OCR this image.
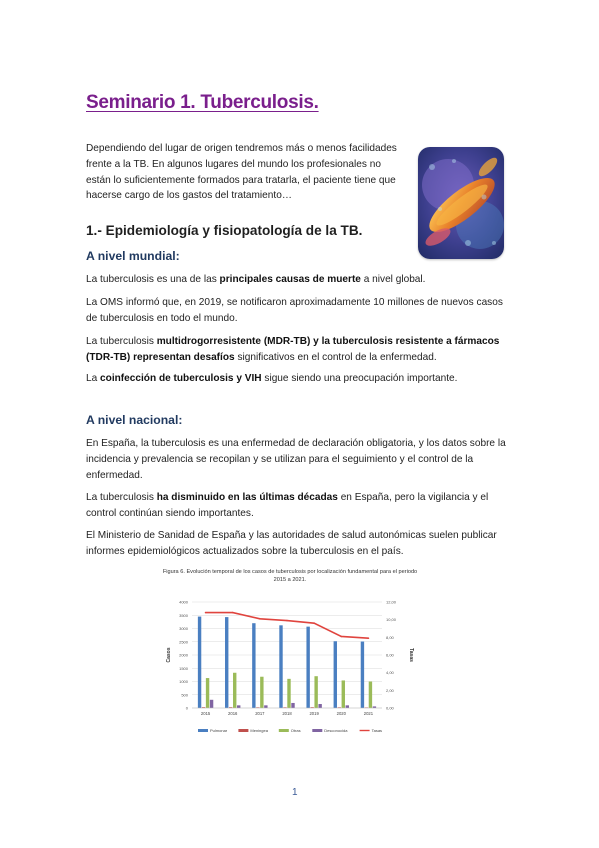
Seminario 1. Tuberculosis.
Dependiendo del lugar de origen tendremos más o menos facilidades frente a la TB. En algunos lugares del mundo los profesionales no están lo suficientemente formados para tratarla, el paciente tiene que hacerse cargo de los gastos del tratamiento…
1.- Epidemiología y fisiopatología de la TB.
A nivel mundial:
La tuberculosis es una de las principales causas de muerte a nivel global.
La OMS informó que, en 2019, se notificaron aproximadamente 10 millones de nuevos casos de tuberculosis en todo el mundo.
La tuberculosis multidrogorresistente (MDR-TB) y la tuberculosis resistente a fármacos (TDR-TB) representan desafíos significativos en el control de la enfermedad.
La coinfección de tuberculosis y VIH sigue siendo una preocupación importante.
A nivel nacional:
En España, la tuberculosis es una enfermedad de declaración obligatoria, y los datos sobre la incidencia y prevalencia se recopilan y se utilizan para el seguimiento y el control de la enfermedad.
La tuberculosis ha disminuido en las últimas décadas en España, pero la vigilancia y el control continúan siendo importantes.
El Ministerio de Sanidad de España y las autoridades de salud autonómicas suelen publicar informes epidemiológicos actualizados sobre la tuberculosis en el país.
Figura 6. Evolución temporal de los casos de tuberculosis por localización fundamental para el periodo 2015 a 2021.
0
500
1000
1500
2000
2500
3000
3500
4000
0,00
2,00
4,00
6,00
8,00
10,00
12,00
Casos	Tasas
2015	2016	2017	2018	2019	2020	2021
Pulmonar	Meningea	Otras	Desconocida	Tasas
1
